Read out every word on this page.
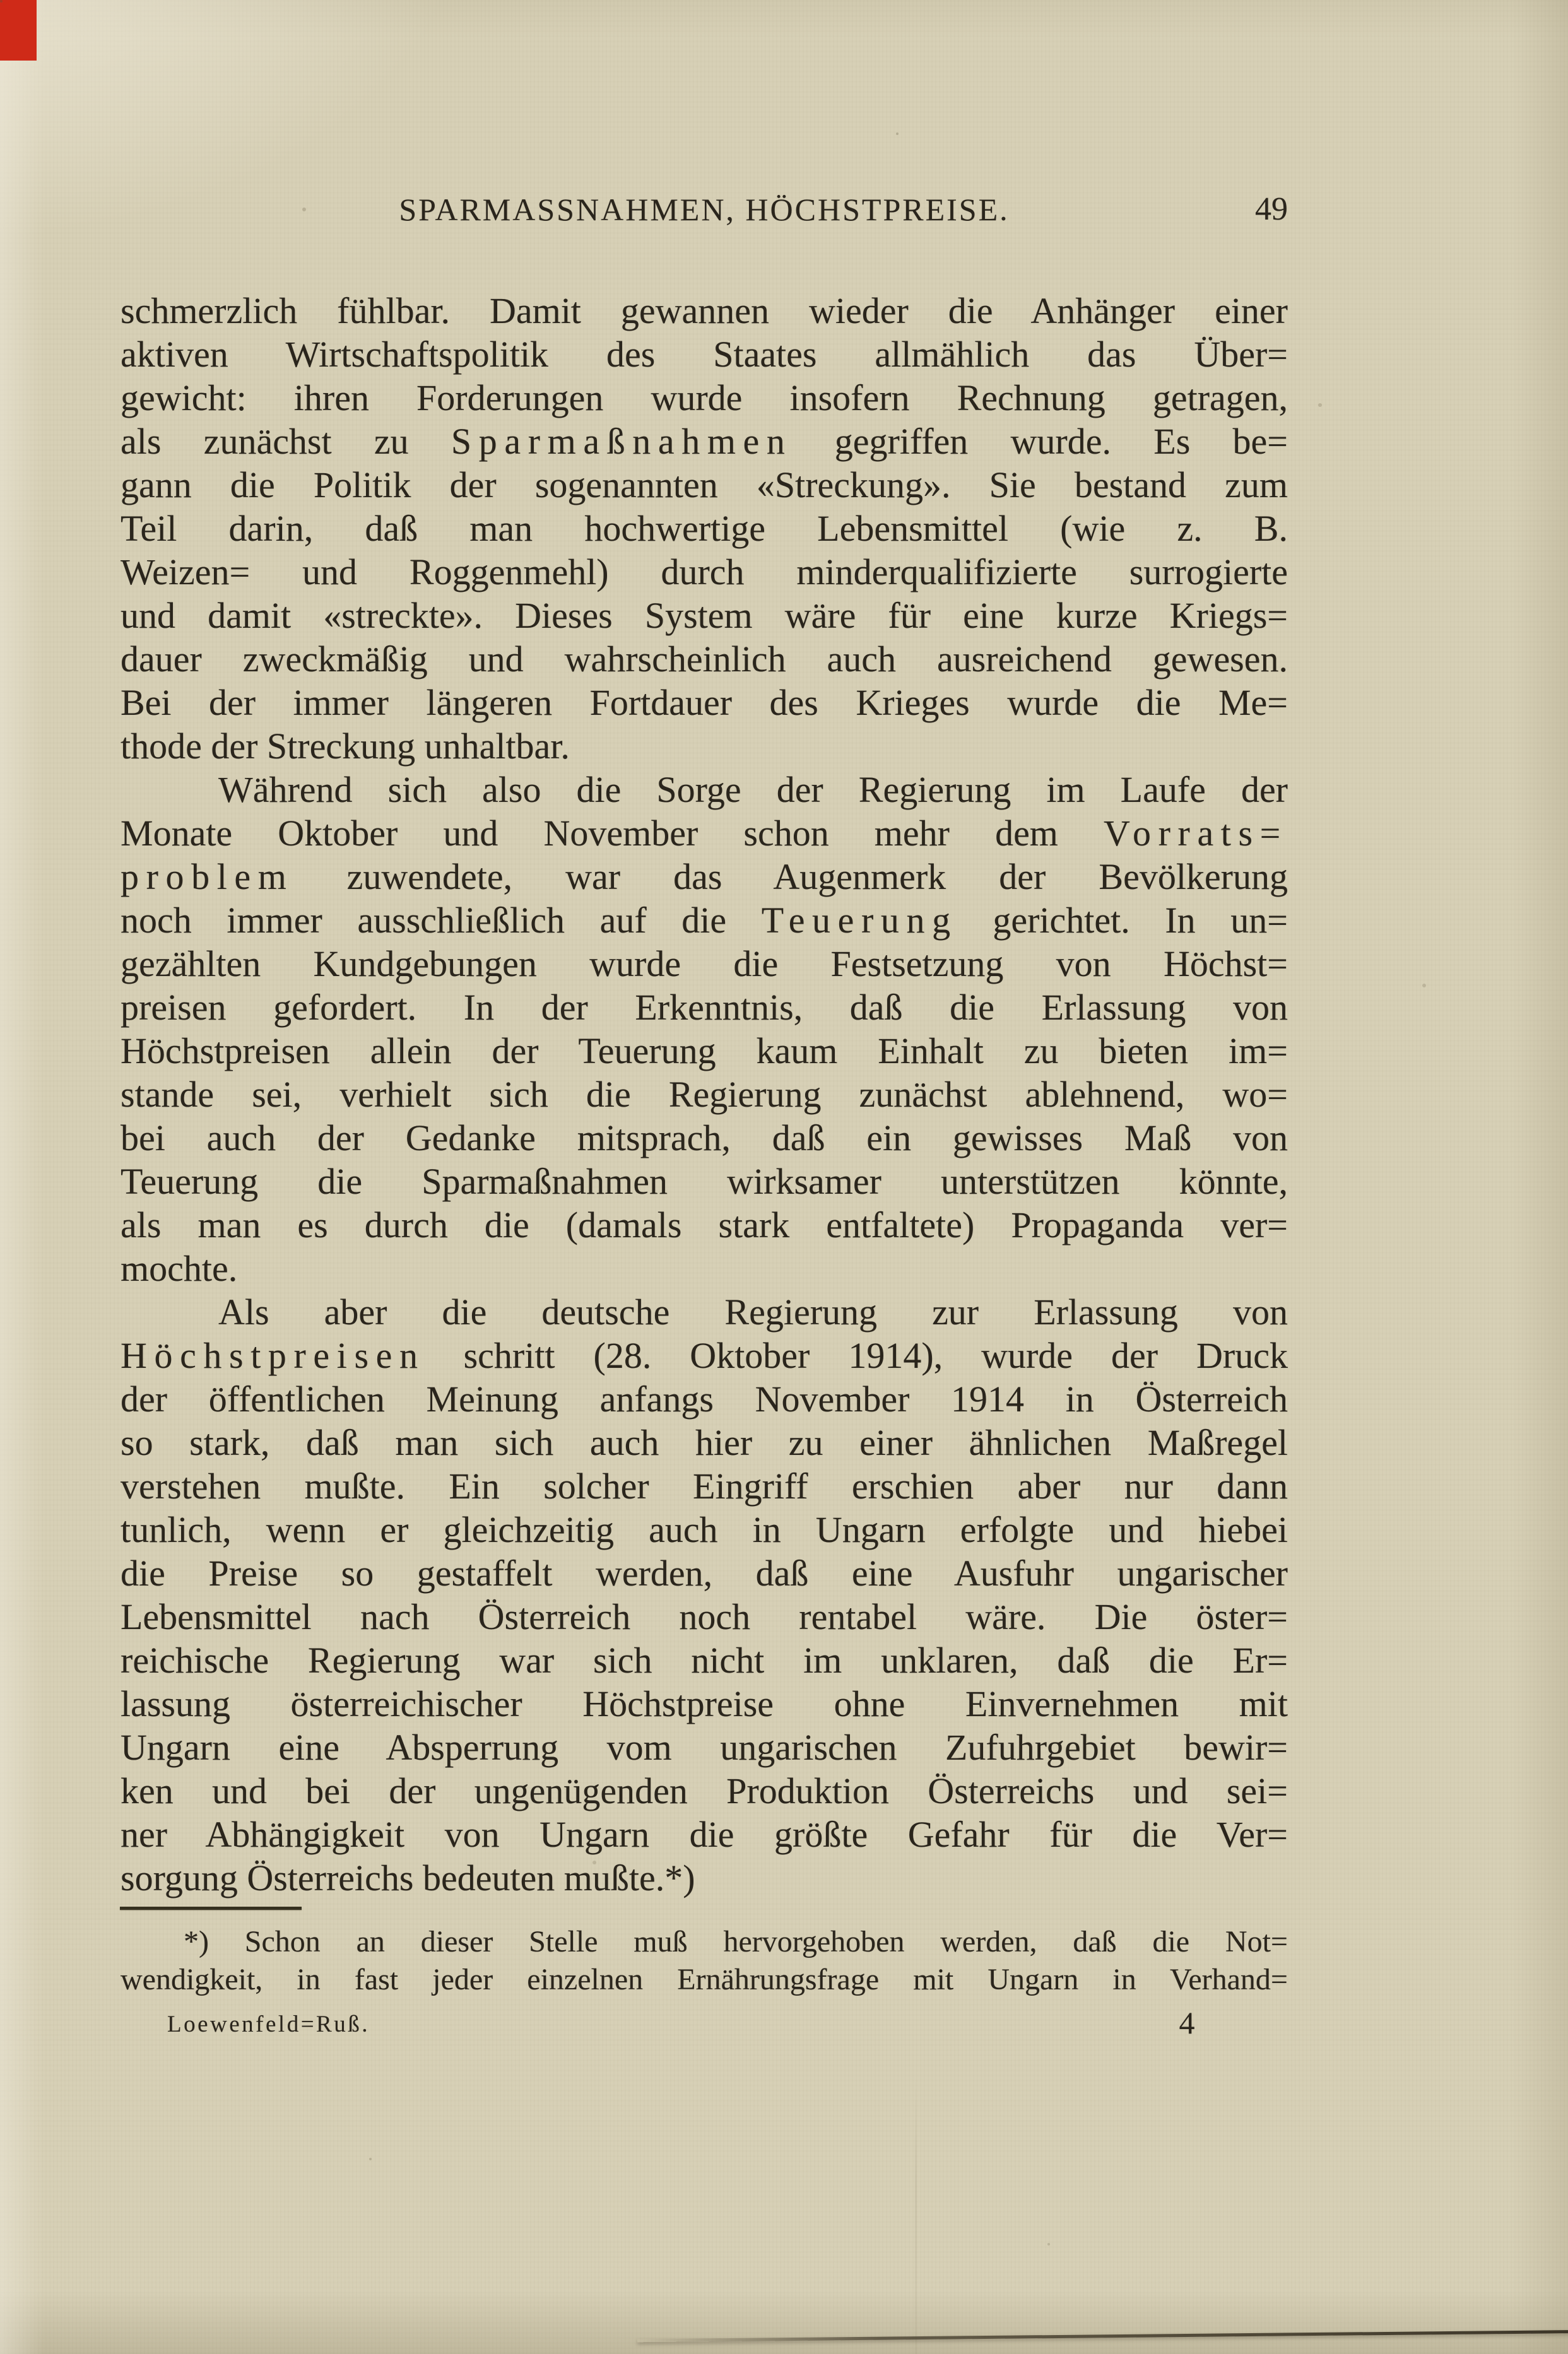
SPARMASSNAHMEN, HÖCHSTPREISE.	49
schmerzlich fühlbar. Damit gewannen wieder die Anhänger einer
aktiven Wirtschaftspolitik des Staates allmählich das Über=
gewicht: ihren Forderungen wurde insofern Rechnung getragen,
als zunächst zu Sparmaßnahmen gegriffen wurde. Es be=
gann die Politik der sogenannten «Streckung». Sie bestand zum
Teil darin, daß man hochwertige Lebensmittel (wie z. B.
Weizen= und Roggenmehl) durch minderqualifizierte surrogierte
und damit «streckte». Dieses System wäre für eine kurze Kriegs=
dauer zweckmäßig und wahrscheinlich auch ausreichend gewesen.
Bei der immer längeren Fortdauer des Krieges wurde die Me=
thode der Streckung unhaltbar.
Während sich also die Sorge der Regierung im Laufe der
Monate Oktober und November schon mehr dem Vorrats=
problem zuwendete, war das Augenmerk der Bevölkerung
noch immer ausschließlich auf die Teuerung gerichtet. In un=
gezählten Kundgebungen wurde die Festsetzung von Höchst=
preisen gefordert. In der Erkenntnis, daß die Erlassung von
Höchstpreisen allein der Teuerung kaum Einhalt zu bieten im=
stande sei, verhielt sich die Regierung zunächst ablehnend, wo=
bei auch der Gedanke mitsprach, daß ein gewisses Maß von
Teuerung die Sparmaßnahmen wirksamer unterstützen könnte,
als man es durch die (damals stark entfaltete) Propaganda ver=
mochte.
Als aber die deutsche Regierung zur Erlassung von
Höchstpreisen schritt (28. Oktober 1914), wurde der Druck
der öffentlichen Meinung anfangs November 1914 in Österreich
so stark, daß man sich auch hier zu einer ähnlichen Maßregel
verstehen mußte. Ein solcher Eingriff erschien aber nur dann
tunlich, wenn er gleichzeitig auch in Ungarn erfolgte und hiebei
die Preise so gestaffelt werden, daß eine Ausfuhr ungarischer
Lebensmittel nach Österreich noch rentabel wäre. Die öster=
reichische Regierung war sich nicht im unklaren, daß die Er=
lassung österreichischer Höchstpreise ohne Einvernehmen mit
Ungarn eine Absperrung vom ungarischen Zufuhrgebiet bewir=
ken und bei der ungenügenden Produktion Österreichs und sei=
ner Abhängigkeit von Ungarn die größte Gefahr für die Ver=
sorgung Österreichs bedeuten mußte.*)
*) Schon an dieser Stelle muß hervorgehoben werden, daß die Not=
wendigkeit, in fast jeder einzelnen Ernährungsfrage mit Ungarn in Verhand=
Loewenfeld=Ruß.	4
